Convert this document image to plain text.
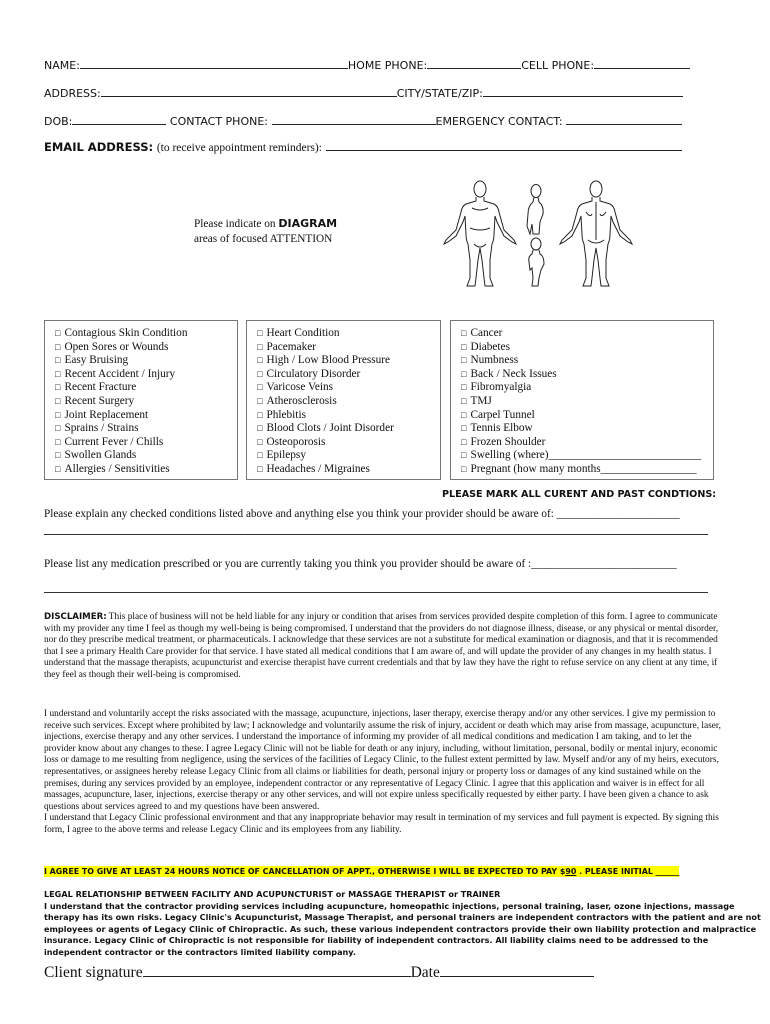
NAME:	HOME PHONE:	CELL PHONE:
ADDRESS:	CITY/STATE/ZIP:
DOB:	CONTACT PHONE:	EMERGENCY CONTACT:
EMAIL ADDRESS: (to receive appointment reminders):
Please indicate on DIAGRAM
areas of focused ATTENTION
□ Contagious Skin Condition
□ Open Sores or Wounds
□ Easy Bruising
□ Recent Accident / Injury
□ Recent Fracture
□ Recent Surgery
□ Joint Replacement
□ Sprains / Strains
□ Current Fever / Chills
□ Swollen Glands
□ Allergies / Sensitivities
□ Heart Condition
□ Pacemaker
□ High / Low Blood Pressure
□ Circulatory Disorder
□ Varicose Veins
□ Atherosclerosis
□ Phlebitis
□ Blood Clots / Joint Disorder
□ Osteoporosis
□ Epilepsy
□ Headaches / Migraines
□ Cancer
□ Diabetes
□ Numbness
□ Back / Neck Issues
□ Fibromyalgia
□ TMJ
□ Carpel Tunnel
□ Tennis Elbow
□ Frozen Shoulder
□ Swelling (where)___________________________
□ Pregnant (how many months_________________
PLEASE MARK ALL CURENT AND PAST CONDTIONS:
Please explain any checked conditions listed above and anything else you think your provider should be aware of: ______________________
Please list any medication prescribed or you are currently taking you think you provider should be aware of :__________________________
DISCLAIMER: This place of business will not be held liable for any injury or condition that arises from services provided despite completion of this form. I agree to communicate with my provider any time I feel as though my well-being is being compromised. I understand that the providers do not diagnose illness, disease, or any physical or mental disorder, nor do they prescribe medical treatment, or pharmaceuticals. I acknowledge that these services are not a substitute for medical examination or diagnosis, and that it is recommended that I see a primary Health Care provider for that service. I have stated all medical conditions that I am aware of, and will update the provider of any changes in my health status. I understand that the massage therapists, acupuncturist and exercise therapist have current credentials and that by law they have the right to refuse service on any client at any time, if they feel as though their well-being is compromised.
I understand and voluntarily accept the risks associated with the massage, acupuncture, injections, laser therapy, exercise therapy and/or any other services. I give my permission to receive such services. Except where prohibited by law; I acknowledge and voluntarily assume the risk of injury, accident or death which may arise from massage, acupuncture, laser, injections, exercise therapy and any other services. I understand the importance of informing my provider of all medical conditions and medication I am taking, and to let the provider know about any changes to these. I agree Legacy Clinic will not be liable for death or any injury, including, without limitation, personal, bodily or mental injury, economic loss or damage to me resulting from negligence, using the services of the facilities of Legacy Clinic, to the fullest extent permitted by law. Myself and/or any of my heirs, executors, representatives, or assignees hereby release Legacy Clinic from all claims or liabilities for death, personal injury or property loss or damages of any kind sustained while on the premises, during any services provided by an employee, independent contractor or any representative of Legacy Clinic. I agree that this application and waiver is in effect for all massages, acupuncture, laser, injections, exercise therapy or any other services, and will not expire unless specifically requested by either party. I have been given a chance to ask questions about services agreed to and my questions have been answered.
I understand that Legacy Clinic professional environment and that any inappropriate behavior may result in termination of my services and full payment is expected. By signing this form, I agree to the above terms and release Legacy Clinic and its employees from any liability.
I AGREE TO GIVE AT LEAST 24 HOURS NOTICE OF CANCELLATION OF APPT., OTHERWISE I WILL BE EXPECTED TO PAY $90 . PLEASE INITIAL ______
LEGAL RELATIONSHIP BETWEEN FACILITY AND ACUPUNCTURIST or MASSAGE THERAPIST or TRAINER
I understand that the contractor providing services including acupuncture, homeopathic injections, personal training, laser, ozone injections, massage therapy has its own risks. Legacy Clinic's Acupuncturist, Massage Therapist, and personal trainers are independent contractors with the patient and are not employees or agents of Legacy Clinic of Chiropractic. As such, these various independent contractors provide their own liability protection and malpractice insurance. Legacy Clinic of Chiropractic is not responsible for liability of independent contractors. All liability claims need to be addressed to the independent contractor or the contractors limited liability company.
Client signature	Date
